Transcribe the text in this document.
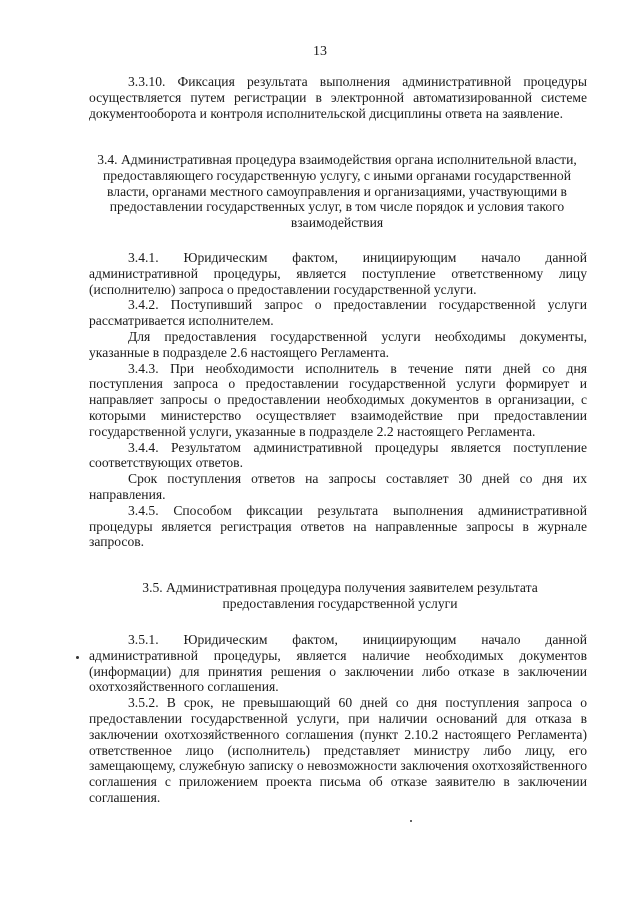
13

3.3.10. Фиксация результата выполнения административной процедуры осуществляется путем регистрации в электронной автоматизированной системе документооборота и контроля исполнительской дисциплины ответа на заявление.

3.4. Административная процедура взаимодействия органа исполнительной власти, предоставляющего государственную услугу, с иными органами государственной власти, органами местного самоуправления и организациями, участвующими в предоставлении государственных услуг, в том числе порядок и условия такого взаимодействия

3.4.1. Юридическим фактом, инициирующим начало данной административной процедуры, является поступление ответственному лицу (исполнителю) запроса о предоставлении государственной услуги.

3.4.2. Поступивший запрос о предоставлении государственной услуги рассматривается исполнителем.

Для предоставления государственной услуги необходимы документы, указанные в подразделе 2.6 настоящего Регламента.

3.4.3. При необходимости исполнитель в течение пяти дней со дня поступления запроса о предоставлении государственной услуги формирует и направляет запросы о предоставлении необходимых документов в организации, с которыми министерство осуществляет взаимодействие при предоставлении государственной услуги, указанные в подразделе 2.2 настоящего Регламента.

3.4.4. Результатом административной процедуры является поступление соответствующих ответов.

Срок поступления ответов на запросы составляет 30 дней со дня их направления.

3.4.5. Способом фиксации результата выполнения административной процедуры является регистрация ответов на направленные запросы в журнале запросов.

3.5. Административная процедура получения заявителем результата предоставления государственной услуги

3.5.1. Юридическим фактом, инициирующим начало данной административной процедуры, является наличие необходимых документов (информации) для принятия решения о заключении либо отказе в заключении охотхозяйственного соглашения.

3.5.2. В срок, не превышающий 60 дней со дня поступления запроса о предоставлении государственной услуги, при наличии оснований для отказа в заключении охотхозяйственного соглашения (пункт 2.10.2 настоящего Регламента) ответственное лицо (исполнитель) представляет министру либо лицу, его замещающему, служебную записку о невозможности заключения охотхозяйственного соглашения с приложением проекта письма об отказе заявителю в заключении соглашения.
